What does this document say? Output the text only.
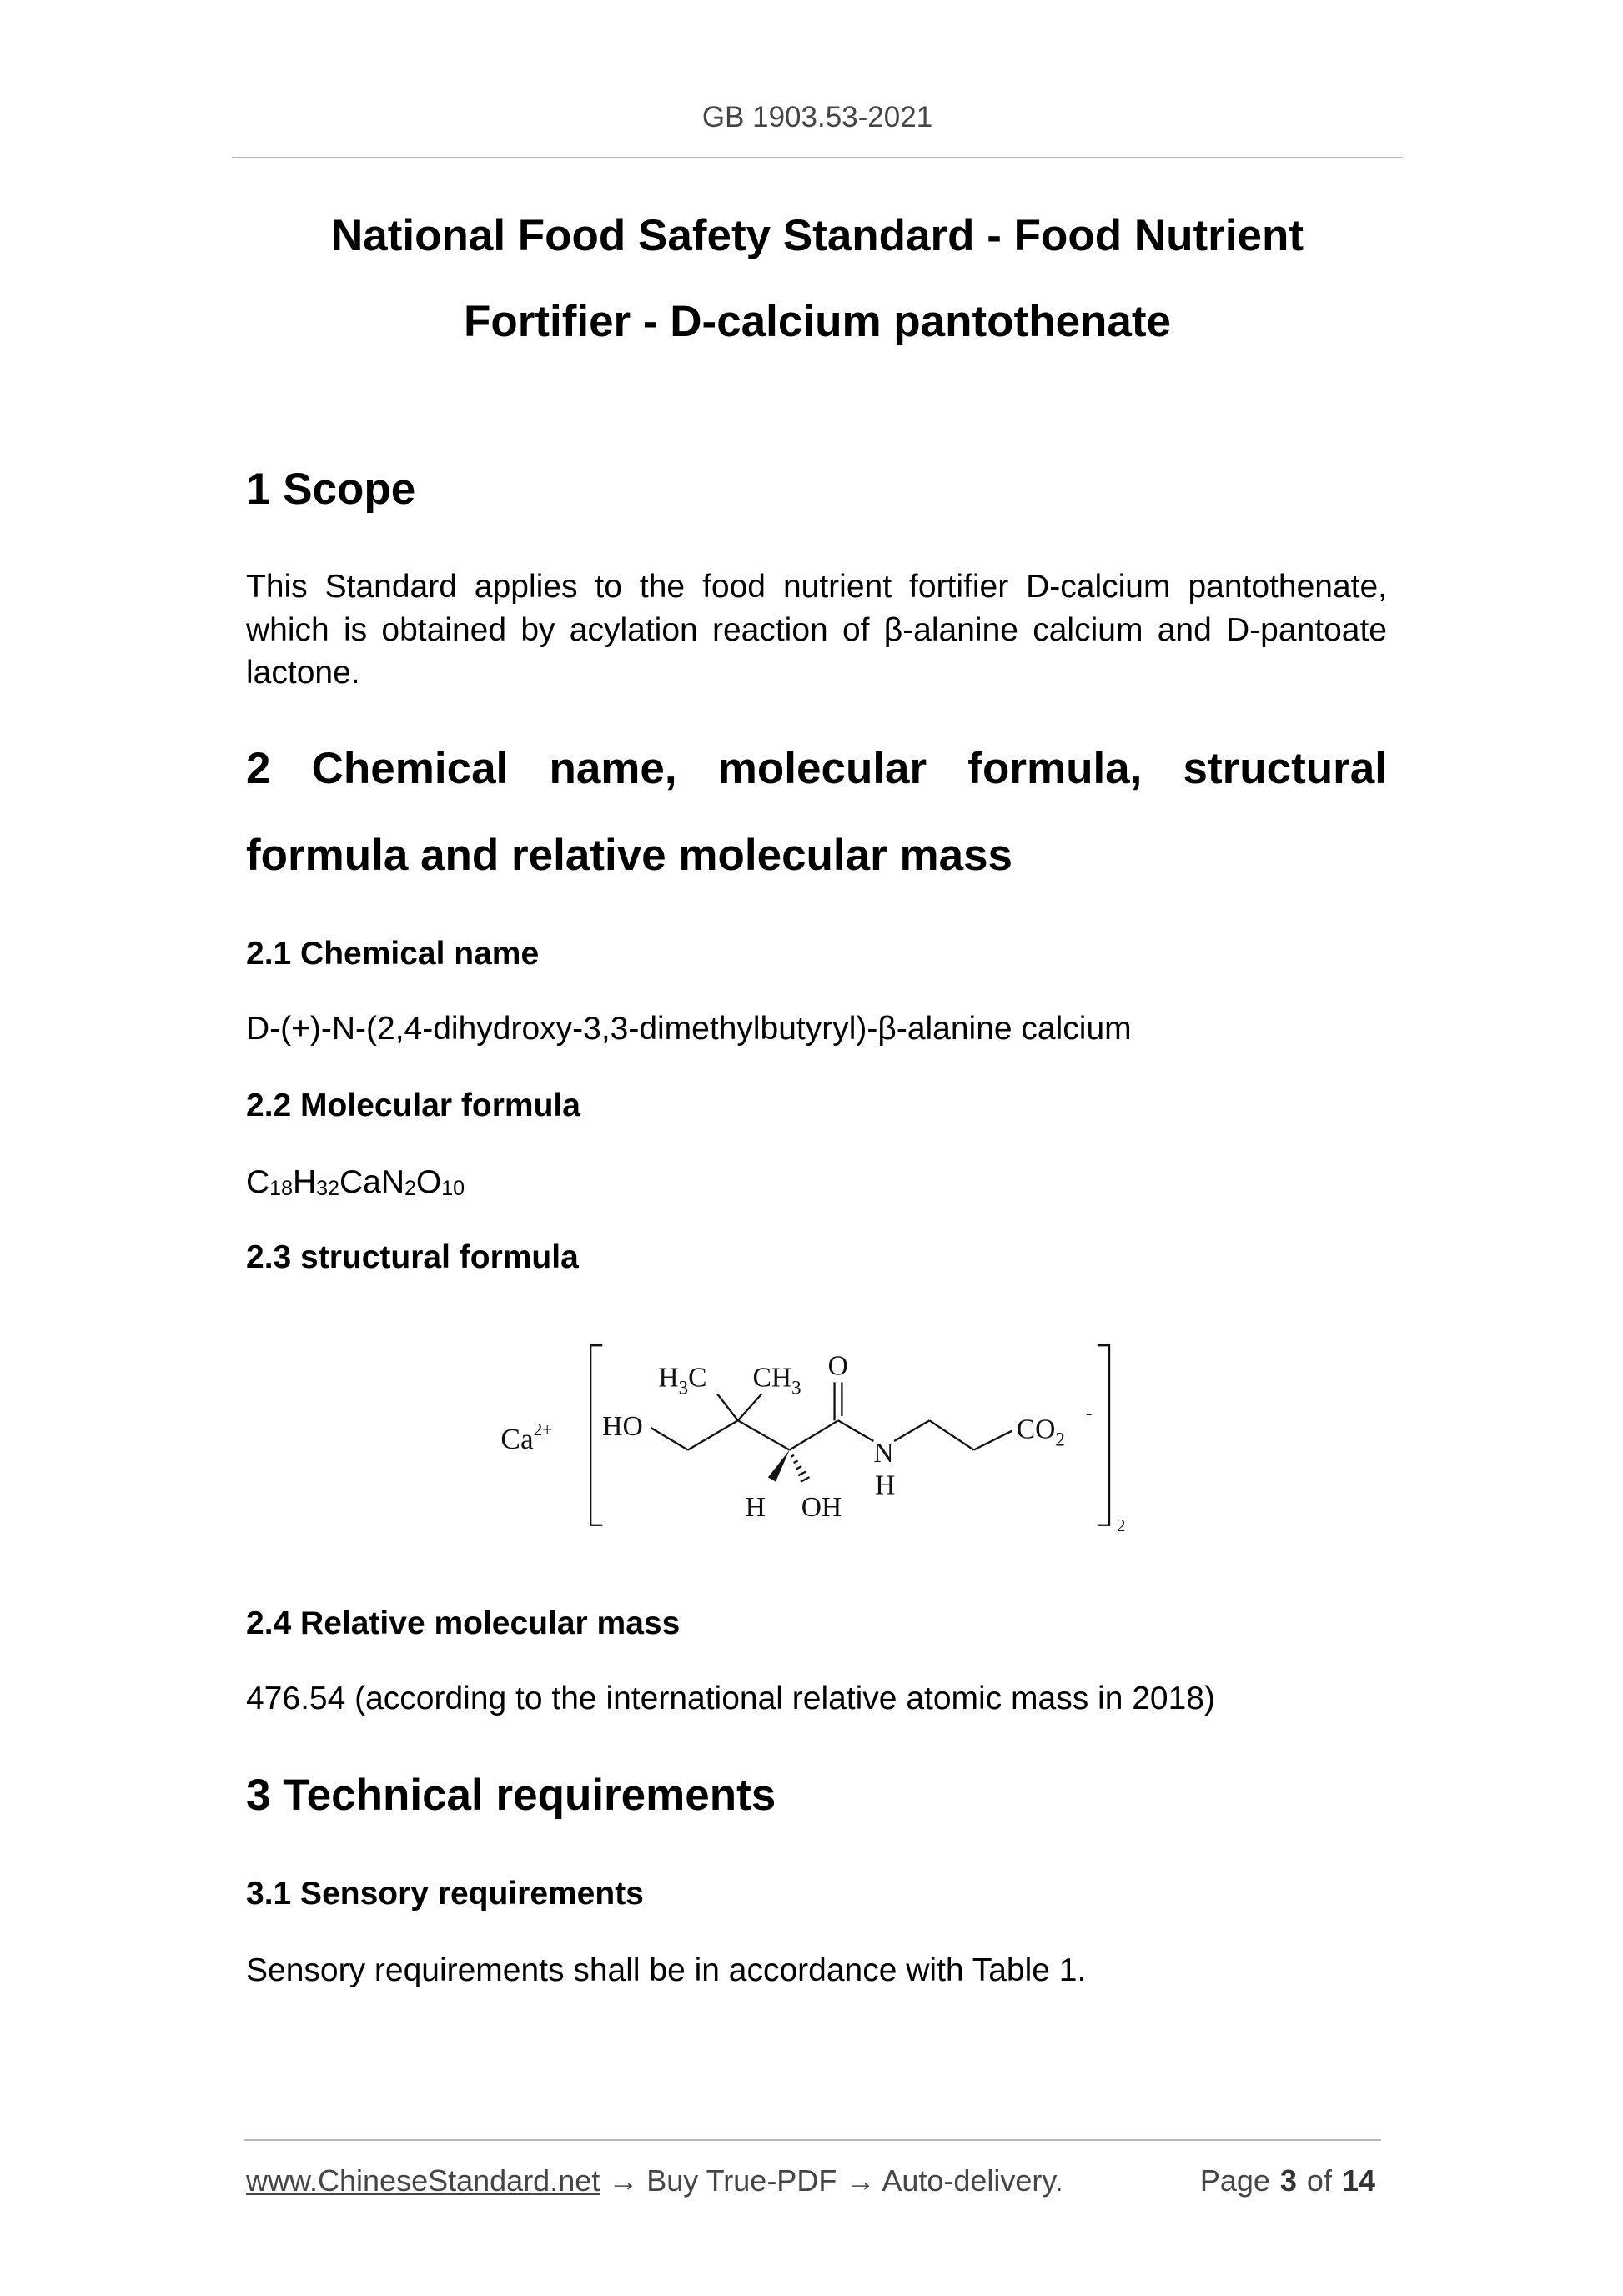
GB 1903.53-2021
National Food Safety Standard - Food Nutrient
Fortifier - D-calcium pantothenate
1 Scope
This Standard applies to the food nutrient fortifier D-calcium pantothenate, which is obtained by acylation reaction of β-alanine calcium and D-pantoate lactone.
2 Chemical name, molecular formula, structural formula and relative molecular mass
2.1 Chemical name
D-(+)-N-(2,4-dihydroxy-3,3-dimethylbutyryl)-β-alanine calcium
2.2 Molecular formula
C18H32CaN2O10
2.3 structural formula
$Ca^{2+}$
2
HO
$H_3C$	$CH_3$
O
N
H
$CO_2$
-
H OH
2.4 Relative molecular mass
476.54 (according to the international relative atomic mass in 2018)
3 Technical requirements
3.1 Sensory requirements
Sensory requirements shall be in accordance with Table 1.
www.ChineseStandard.net → Buy True-PDF → Auto-delivery.	Page 3 of 14
